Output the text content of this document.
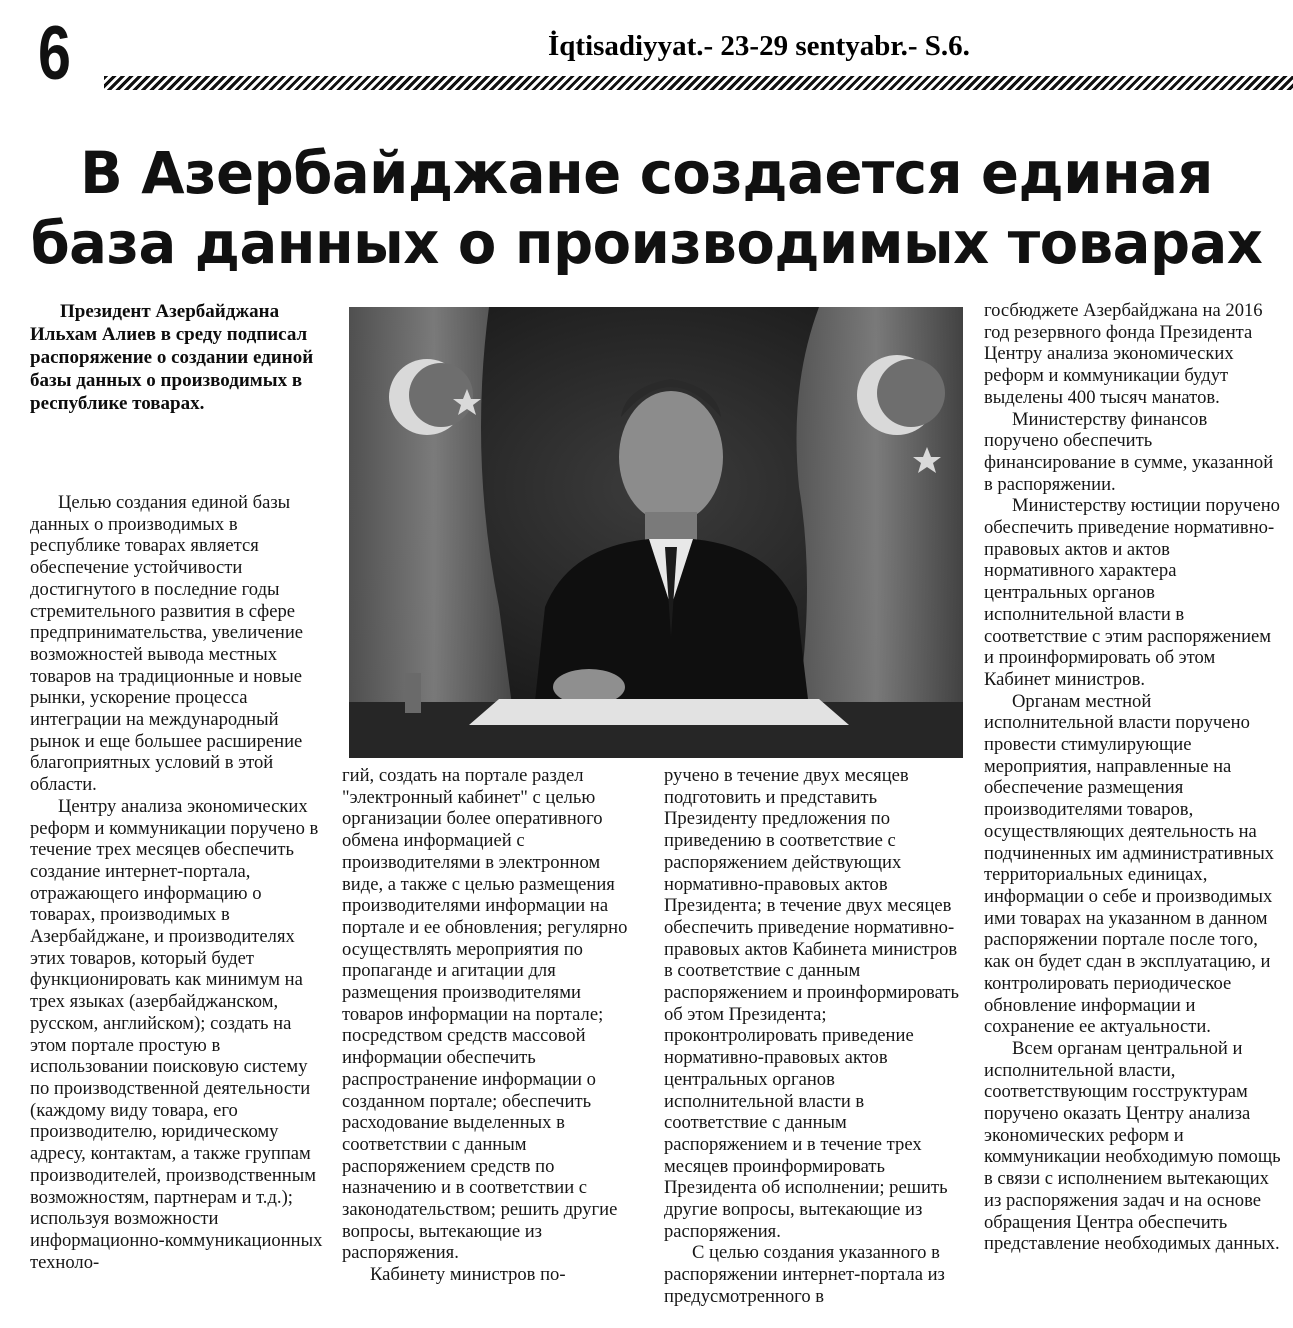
6	İqtisadiyyat.- 23-29 sentyabr.- S.6.
В Азербайджане создается единая
база данных о производимых товарах

Президент Азербайджана Ильхам Алиев в среду подписал распоряжение о создании единой базы данных о производимых в республике товарах.

Целью создания единой базы данных о производимых в республике товарах является обеспечение устойчивости достигнутого в последние годы стремительного развития в сфере предпринимательства, увеличение возможностей вывода местных товаров на традиционные и новые рынки, ускорение процесса интеграции на международный рынок и еще большее расширение благоприятных условий в этой области.

Центру анализа экономических реформ и коммуникации поручено в течение трех месяцев обеспечить создание интернет-портала, отражающего информацию о товарах, производимых в Азербайджане, и производителях этих товаров, который будет функционировать как минимум на трех языках (азербайджанском, русском, английском); создать на этом портале простую в использовании поисковую систему по производственной деятельности (каждому виду товара, его производителю, юридическому адресу, контактам, а также группам производителей, производственным возможностям, партнерам и т.д.); используя возможности информационно-коммуникационных техноло-

гий, создать на портале раздел "электронный кабинет" с целью организации более оперативного обмена информацией с производителями в электронном виде, а также с целью размещения производителями информации на портале и ее обновления; регулярно осуществлять мероприятия по пропаганде и агитации для размещения производителями товаров информации на портале; посредством средств массовой информации обеспечить распространение информации о созданном портале; обеспечить расходование выделенных в соответствии с данным распоряжением средств по назначению и в соответствии с законодательством; решить другие вопросы, вытекающие из распоряжения.

Кабинету министров по-

ручено в течение двух месяцев подготовить и представить Президенту предложения по приведению в соответствие с распоряжением действующих нормативно-правовых актов Президента; в течение двух месяцев обеспечить приведение нормативно-правовых актов Кабинета министров в соответствие с данным распоряжением и проинформировать об этом Президента; проконтролировать приведение нормативно-правовых актов центральных органов исполнительной власти в соответствие с данным распоряжением и в течение трех месяцев проинформировать Президента об исполнении; решить другие вопросы, вытекающие из распоряжения.

С целью создания указанного в распоряжении интернет-портала из предусмотренного в

госбюджете Азербайджана на 2016 год резервного фонда Президента Центру анализа экономических реформ и коммуникации будут выделены 400 тысяч манатов.

Министерству финансов поручено обеспечить финансирование в сумме, указанной в распоряжении.

Министерству юстиции поручено обеспечить приведение нормативно-правовых актов и актов нормативного характера центральных органов исполнительной власти в соответствие с этим распоряжением и проинформировать об этом Кабинет министров.

Органам местной исполнительной власти поручено провести стимулирующие мероприятия, направленные на обеспечение размещения производителями товаров, осуществляющих деятельность на подчиненных им административных территориальных единицах, информации о себе и производимых ими товарах на указанном в данном распоряжении портале после того, как он будет сдан в эксплуатацию, и контролировать периодическое обновление информации и сохранение ее актуальности.

Всем органам центральной и исполнительной власти, соответствующим госструктурам поручено оказать Центру анализа экономических реформ и коммуникации необходимую помощь в связи с исполнением вытекающих из распоряжения задач и на основе обращения Центра обеспечить представление необходимых данных.
